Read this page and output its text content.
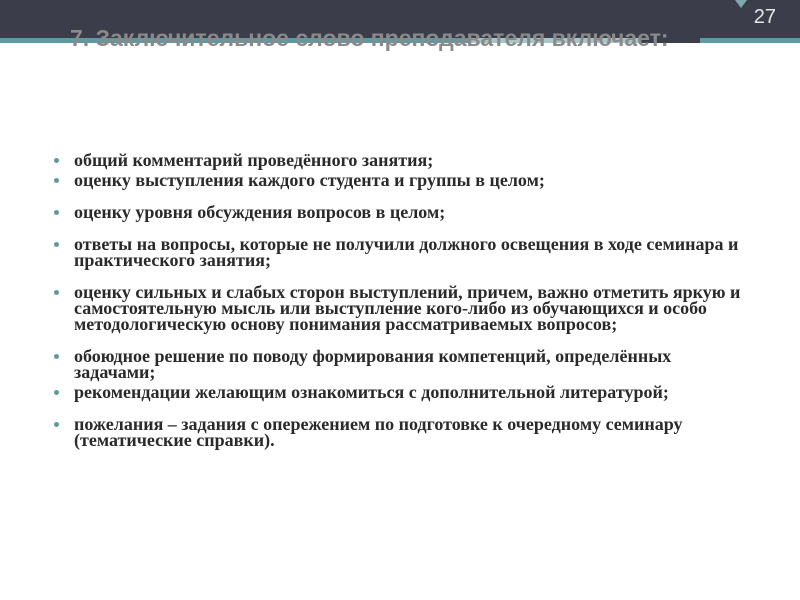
27
7. Заключительное слово преподавателя включает:
общий комментарий проведённого занятия;
оценку выступления каждого студента и группы в целом;
оценку уровня обсуждения вопросов в целом;
ответы на вопросы, которые не получили должного освещения в ходе семинара и практического занятия;
оценку сильных и слабых сторон выступлений, причем, важно отметить яркую и самостоятельную мысль или выступление кого-либо из обучающихся и особо методологическую основу понимания рассматриваемых вопросов;
обоюдное решение по поводу формирования компетенций, определённых задачами;
рекомендации желающим ознакомиться с дополнительной литературой;
пожелания – задания с опережением по подготовке к очередному семинару (тематические справки).
